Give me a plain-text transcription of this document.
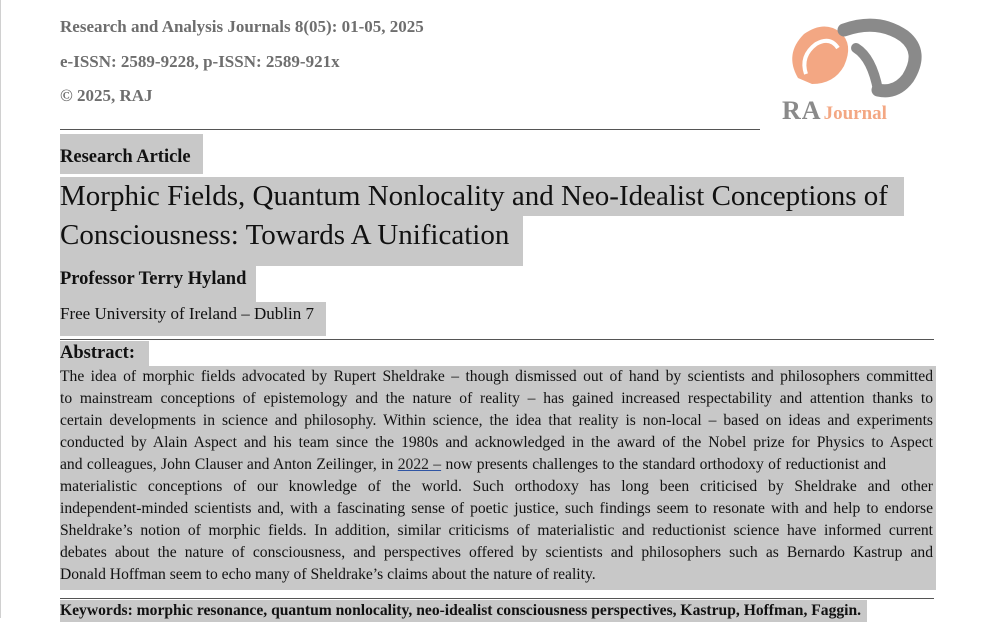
Research and Analysis Journals 8(05): 01-05, 2025
e-ISSN: 2589-9228, p-ISSN: 2589-921x
© 2025, RAJ
RA Journal
Research Article
Morphic Fields, Quantum Nonlocality and Neo-Idealist Conceptions of
Consciousness: Towards A Unification
Professor Terry Hyland
Free University of Ireland – Dublin 7
Abstract:
The idea of morphic fields advocated by Rupert Sheldrake – though dismissed out of hand by scientists and philosophers committed
to mainstream conceptions of epistemology and the nature of reality – has gained increased respectability and attention thanks to
certain developments in science and philosophy. Within science, the idea that reality is non-local – based on ideas and experiments
conducted by Alain Aspect and his team since the 1980s and acknowledged in the award of the Nobel prize for Physics to Aspect
and colleagues, John Clauser and Anton Zeilinger, in 2022 – now presents challenges to the standard orthodoxy of reductionist and
materialistic conceptions of our knowledge of the world. Such orthodoxy has long been criticised by Sheldrake and other
independent-minded scientists and, with a fascinating sense of poetic justice, such findings seem to resonate with and help to endorse
Sheldrake’s notion of morphic fields. In addition, similar criticisms of materialistic and reductionist science have informed current
debates about the nature of consciousness, and perspectives offered by scientists and philosophers such as Bernardo Kastrup and
Donald Hoffman seem to echo many of Sheldrake’s claims about the nature of reality.
Keywords: morphic resonance, quantum nonlocality, neo-idealist consciousness perspectives, Kastrup, Hoffman, Faggin.
